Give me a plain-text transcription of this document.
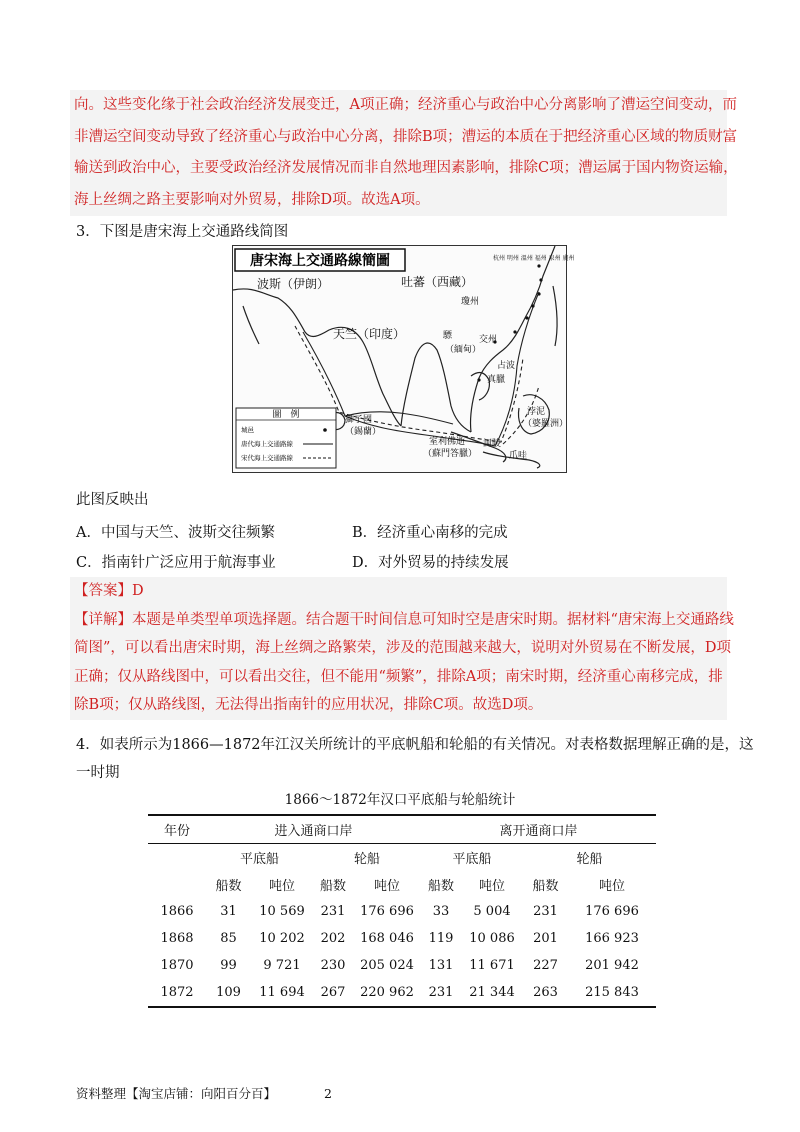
向。这些变化缘于社会政治经济发展变迁，A项正确；经济重心与政治中心分离影响了漕运空间变动，而

非漕运空间变动导致了经济重心与政治中心分离，排除B项；漕运的本质在于把经济重心区域的物质财富

输送到政治中心，主要受政治经济发展情况而非自然地理因素影响，排除C项；漕运属于国内物资运输，

海上丝绸之路主要影响对外贸易，排除D项。故选A项。

3．下图是唐宋海上交通路线简图
唐宋海上交通路線簡圖
波斯（伊朗）	吐蕃（西藏）
天竺（印度）	驃
（緬甸）
交州
占波
真臘
獅子國
（錫蘭）
室利佛逝
（蘇門答臘）
浡泥
（婆羅洲）
爪哇
訶陵
瓊州
杭州 明州 溫州 福州 泉州 廣州
圖　例
城邑
唐代海上交通路線
宋代海上交通路線
此图反映出
A．中国与天竺、波斯交往频繁	B．经济重心南移的完成
C．指南针广泛应用于航海事业	D．对外贸易的持续发展

【答案】D

【详解】本题是单类型单项选择题。结合题干时间信息可知时空是唐宋时期。据材料“唐宋海上交通路线

简图”，可以看出唐宋时期，海上丝绸之路繁荣，涉及的范围越来越大，说明对外贸易在不断发展，D项

正确；仅从路线图中，可以看出交往，但不能用“频繁”，排除A项；南宋时期，经济重心南移完成，排

除B项；仅从路线图，无法得出指南针的应用状况，排除C项。故选D项。

4．如表所示为1866—1872年江汉关所统计的平底帆船和轮船的有关情况。对表格数据理解正确的是，这
一时期
1866～1872年汉口平底船与轮船统计
年份	进入通商口岸				离开通商口岸			
	平底船		轮船		平底船		轮船	
	船数	吨位	船数	吨位	船数	吨位	船数	吨位
1866	31	10 569	231	176 696	33	5 004	231	176 696
1868	85	10 202	202	168 046	119	10 086	201	166 923
1870	99	9 721	230	205 024	131	11 671	227	201 942
1872	109	11 694	267	220 962	231	21 344	263	215 843
资料整理【淘宝店铺：向阳百分百】	2
